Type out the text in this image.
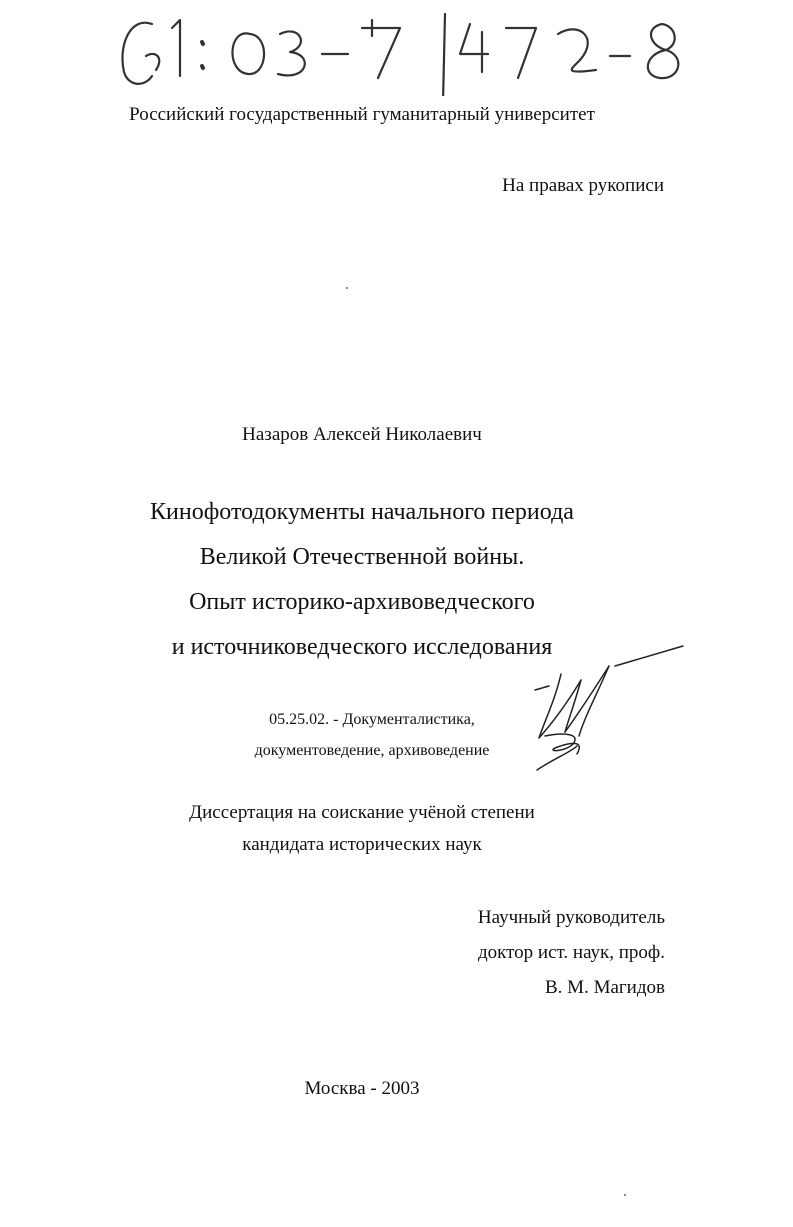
Российский государственный гуманитарный университет
На правах рукописи
Назаров Алексей Николаевич
Кинофотодокументы начального периода
Великой Отечественной войны.
Опыт историко-архивоведческого
и источниковедческого исследования
05.25.02. - Документалистика,
документоведение, архивоведение
Диссертация на соискание учёной степени
кандидата исторических наук
Научный руководитель
доктор ист. наук, проф.
В. М. Магидов
Москва - 2003
